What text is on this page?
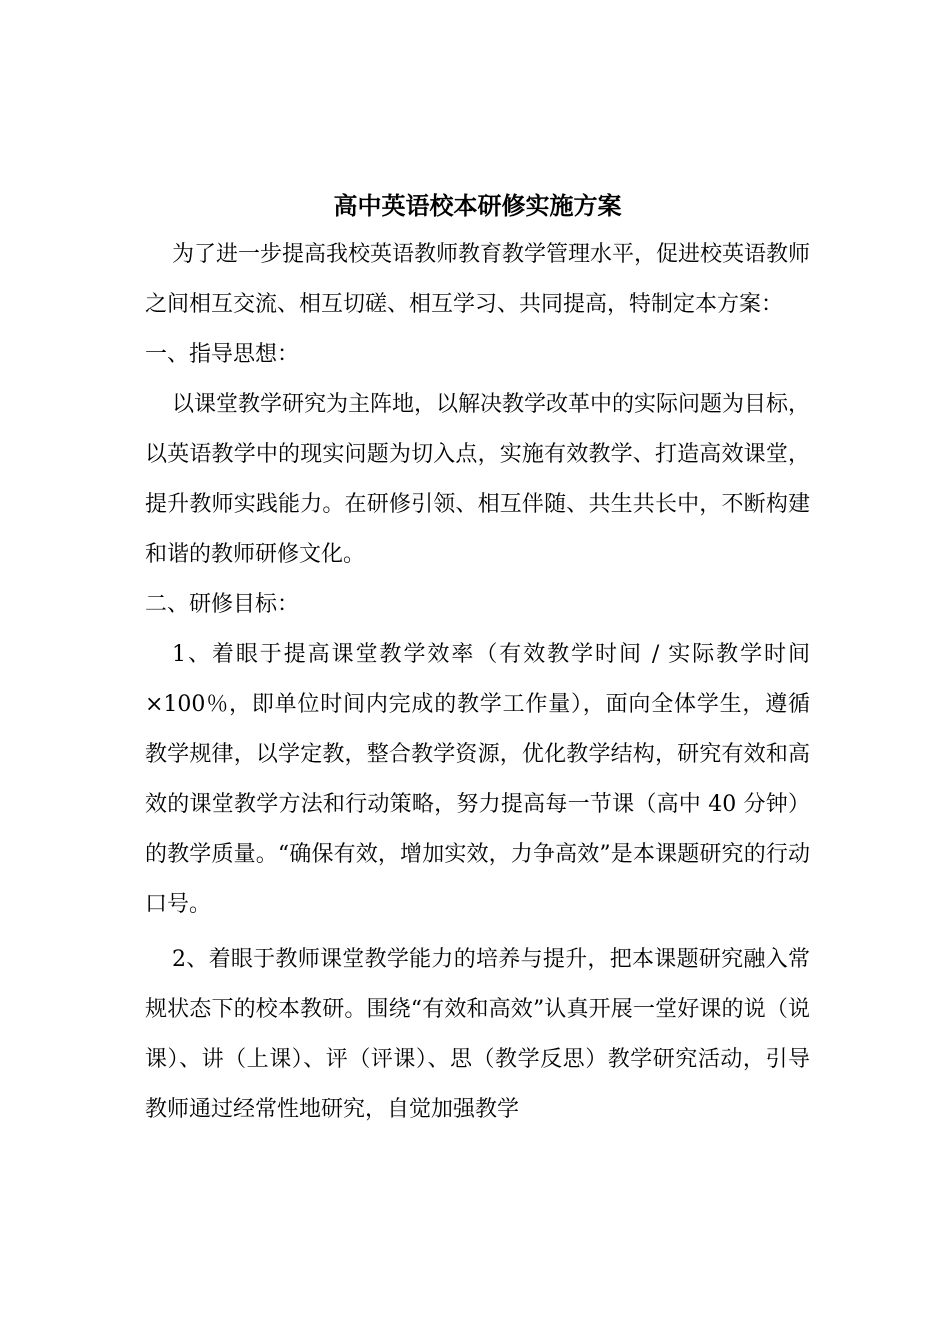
高中英语校本研修实施方案

为了进一步提高我校英语教师教育教学管理水平，促进校英语教师之间相互交流、相互切磋、相互学习、共同提高，特制定本方案：

一、指导思想：

以课堂教学研究为主阵地，以解决教学改革中的实际问题为目标，以英语教学中的现实问题为切入点，实施有效教学、打造高效课堂，提升教师实践能力。在研修引领、相互伴随、共生共长中，不断构建和谐的教师研修文化。

二、研修目标：

1、着眼于提高课堂教学效率（有效教学时间 / 实际教学时间×100％，即单位时间内完成的教学工作量），面向全体学生，遵循教学规律，以学定教，整合教学资源，优化教学结构，研究有效和高效的课堂教学方法和行动策略，努力提高每一节课（高中 40 分钟）的教学质量。“确保有效，增加实效，力争高效”是本课题研究的行动口号。

2、着眼于教师课堂教学能力的培养与提升，把本课题研究融入常规状态下的校本教研。围绕“有效和高效”认真开展一堂好课的说（说课）、讲（上课）、评（评课）、思（教学反思）教学研究活动，引导教师通过经常性地研究，自觉加强教学
